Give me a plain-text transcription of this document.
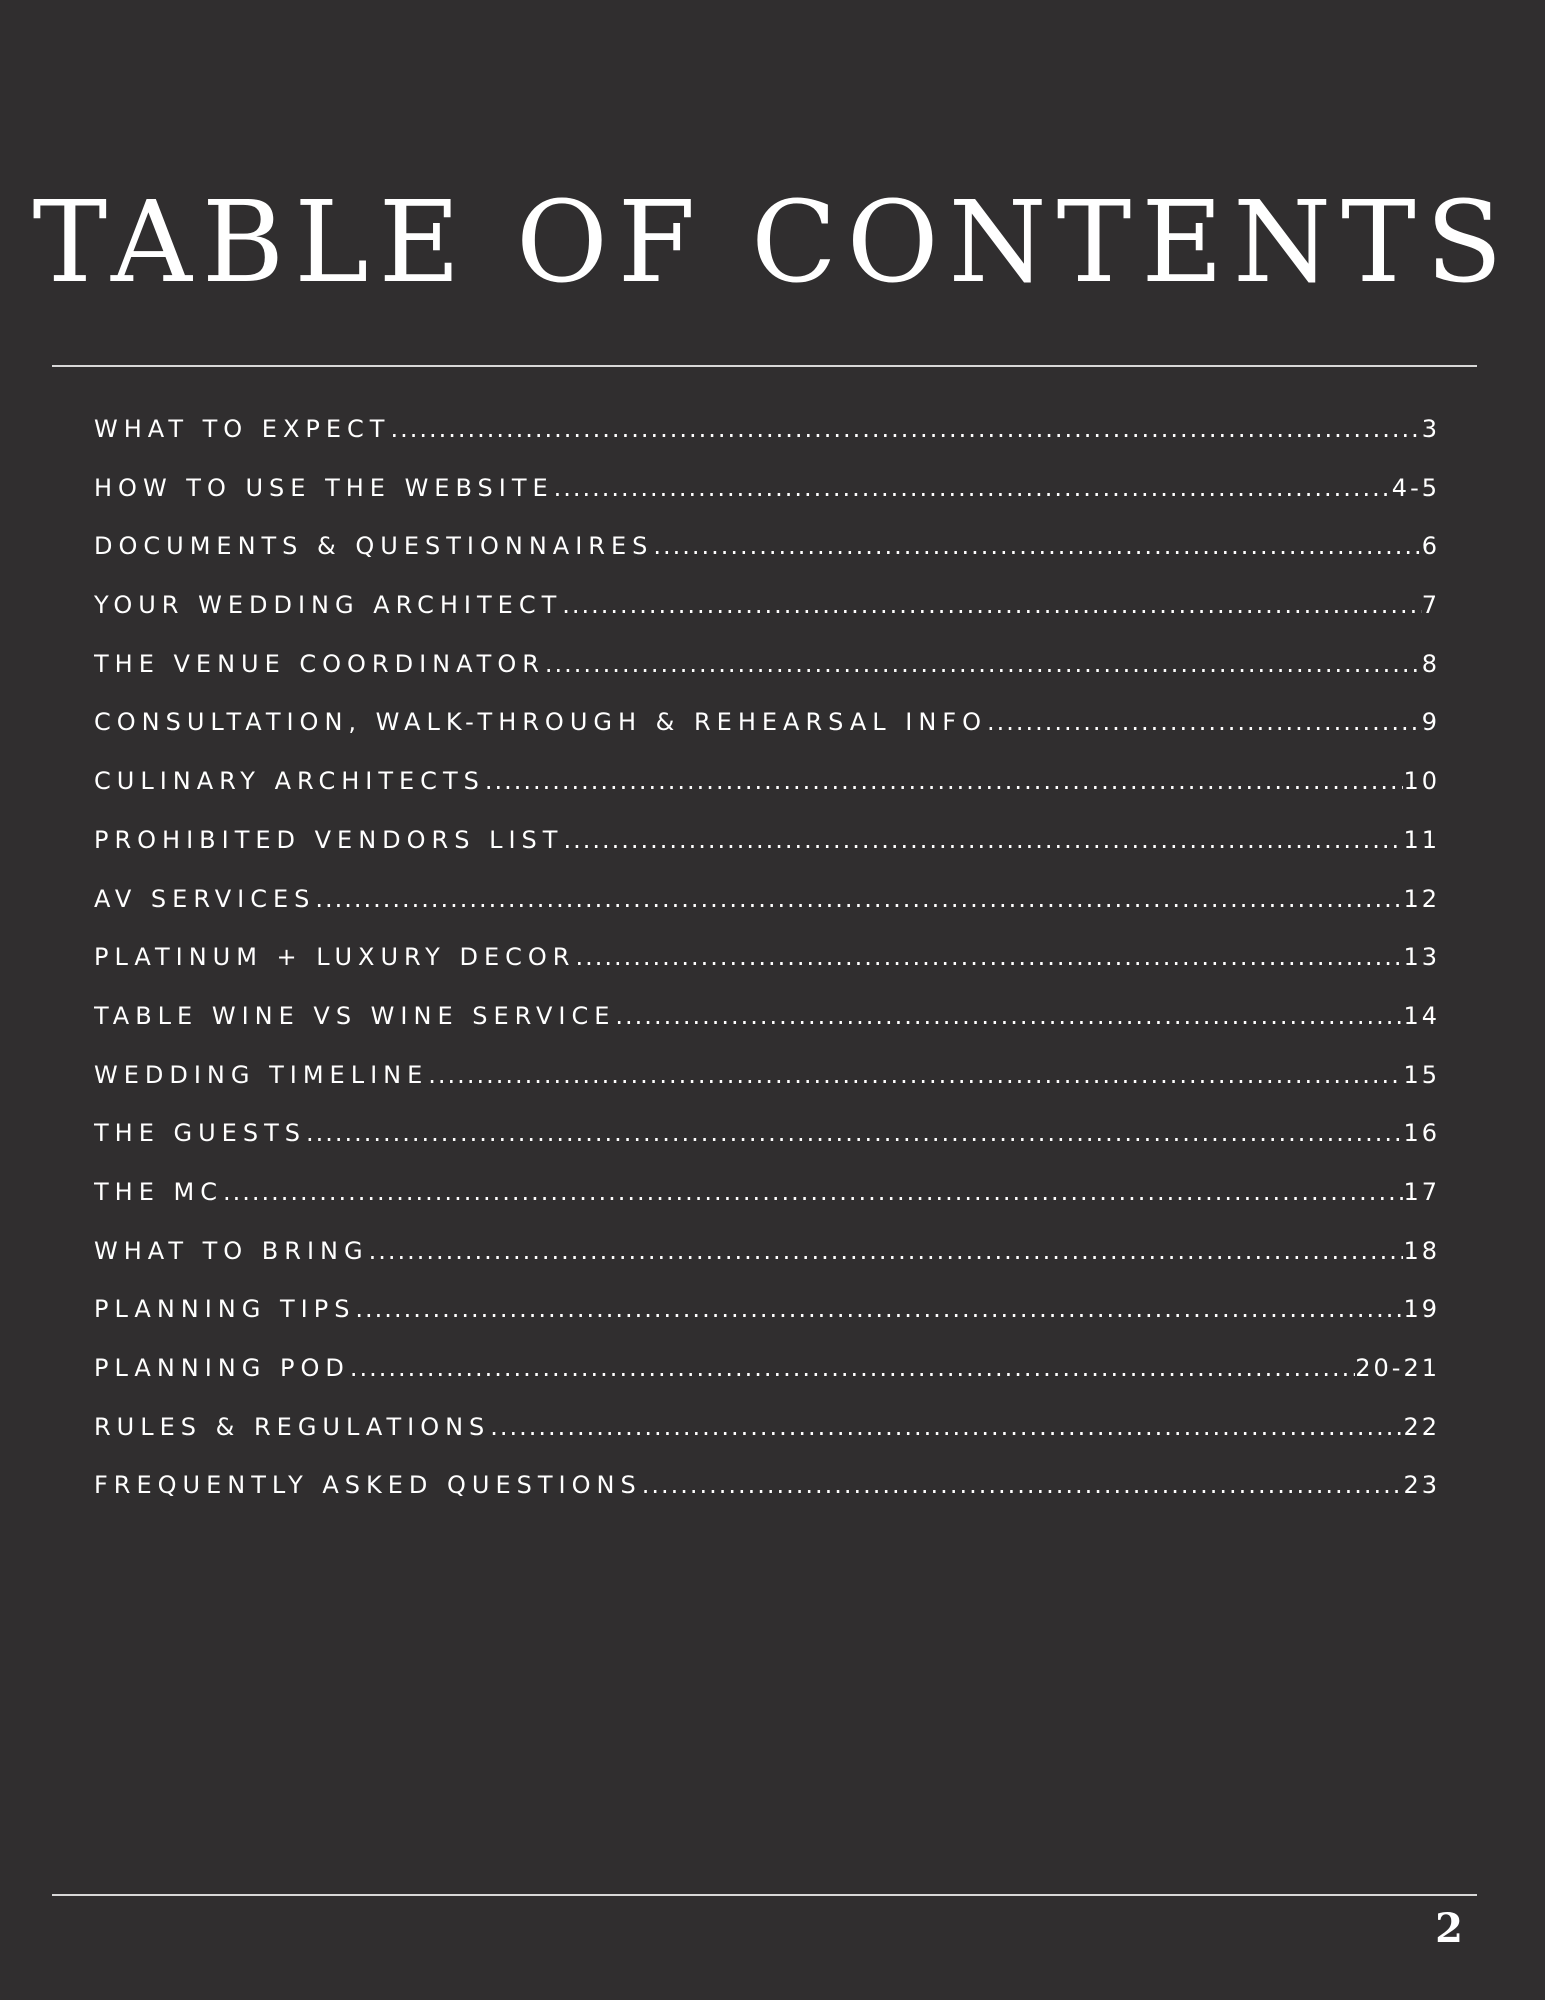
TABLE OF CONTENTS
WHAT TO EXPECT .....	3
HOW TO USE THE WEBSITE .....	4-5
DOCUMENTS & QUESTIONNAIRES .....	6
YOUR WEDDING ARCHITECT .....	7
THE VENUE COORDINATOR .....	8
CONSULTATION, WALK-THROUGH & REHEARSAL INFO .....	9
CULINARY ARCHITECTS .....	10
PROHIBITED VENDORS LIST .....	11
AV SERVICES .....	12
PLATINUM + LUXURY DECOR .....	13
TABLE WINE VS WINE SERVICE .....	14
WEDDING TIMELINE .....	15
THE GUESTS .....	16
THE MC .....	17
WHAT TO BRING .....	18
PLANNING TIPS .....	19
PLANNING POD .....	20-21
RULES & REGULATIONS .....	22
FREQUENTLY ASKED QUESTIONS .....	23
2
